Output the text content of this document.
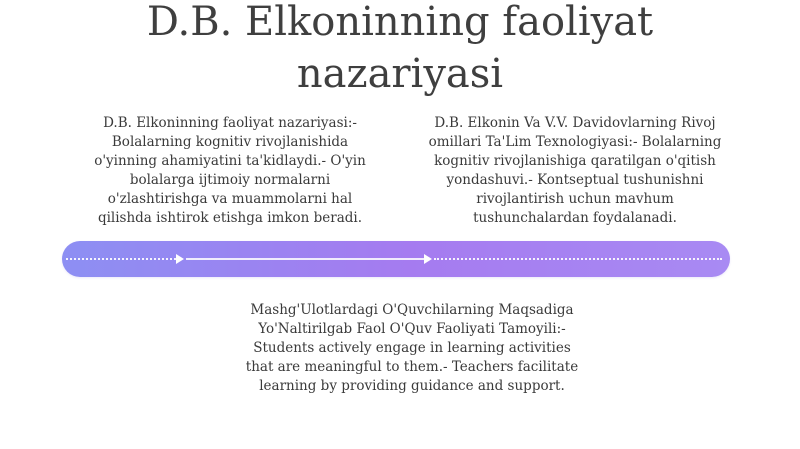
D.B. Elkoninning faoliyat
nazariyasi
D.B. Elkoninning faoliyat nazariyasi:-
Bolalarning kognitiv rivojlanishida
o'yinning ahamiyatini ta'kidlaydi.- O'yin
bolalarga ijtimoiy normalarni
o'zlashtirishga va muammolarni hal
qilishda ishtirok etishga imkon beradi.
D.B. Elkonin Va V.V. Davidovlarning Rivoj
omillari Ta'Lim Texnologiyasi:- Bolalarning
kognitiv rivojlanishiga qaratilgan o'qitish
yondashuvi.- Kontseptual tushunishni
rivojlantirish uchun mavhum
tushunchalardan foydalanadi.
Mashg'Ulotlardagi O'Quvchilarning Maqsadiga
Yo'Naltirilgab Faol O'Quv Faoliyati Tamoyili:-
Students actively engage in learning activities
that are meaningful to them.- Teachers facilitate
learning by providing guidance and support.
